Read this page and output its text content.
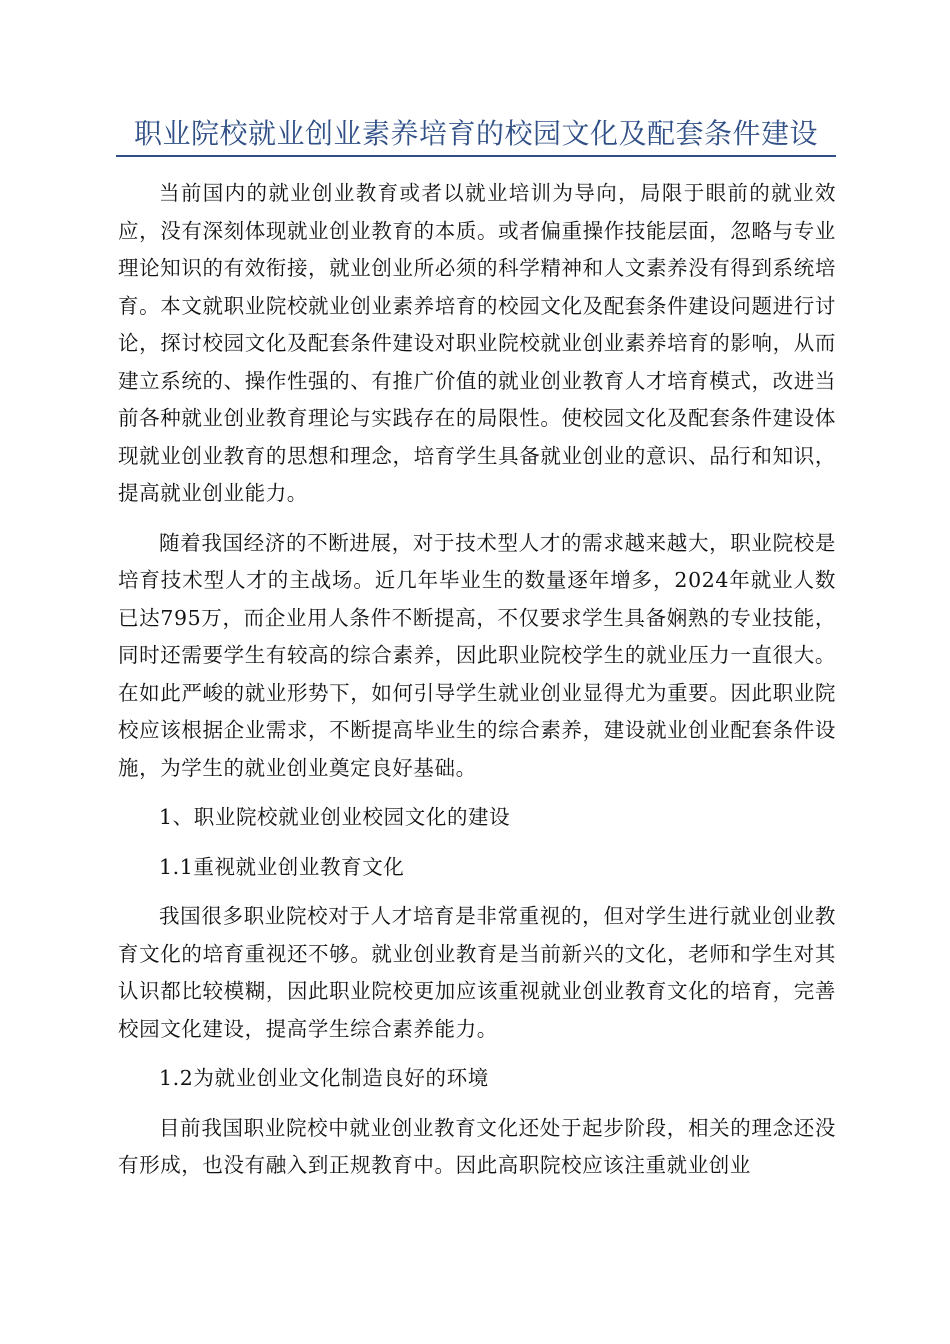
职业院校就业创业素养培育的校园文化及配套条件建设

当前国内的就业创业教育或者以就业培训为导向，局限于眼前的就业效应，没有深刻体现就业创业教育的本质。或者偏重操作技能层面，忽略与专业理论知识的有效衔接，就业创业所必须的科学精神和人文素养没有得到系统培育。本文就职业院校就业创业素养培育的校园文化及配套条件建设问题进行讨论，探讨校园文化及配套条件建设对职业院校就业创业素养培育的影响，从而建立系统的、操作性强的、有推广价值的就业创业教育人才培育模式，改进当前各种就业创业教育理论与实践存在的局限性。使校园文化及配套条件建设体现就业创业教育的思想和理念，培育学生具备就业创业的意识、品行和知识，提高就业创业能力。

随着我国经济的不断进展，对于技术型人才的需求越来越大，职业院校是培育技术型人才的主战场。近几年毕业生的数量逐年增多，2024年就业人数已达795万，而企业用人条件不断提高，不仅要求学生具备娴熟的专业技能，同时还需要学生有较高的综合素养，因此职业院校学生的就业压力一直很大。在如此严峻的就业形势下，如何引导学生就业创业显得尤为重要。因此职业院校应该根据企业需求，不断提高毕业生的综合素养，建设就业创业配套条件设施，为学生的就业创业奠定良好基础。

1、职业院校就业创业校园文化的建设

1.1重视就业创业教育文化

我国很多职业院校对于人才培育是非常重视的，但对学生进行就业创业教育文化的培育重视还不够。就业创业教育是当前新兴的文化，老师和学生对其认识都比较模糊，因此职业院校更加应该重视就业创业教育文化的培育，完善校园文化建设，提高学生综合素养能力。

1.2为就业创业文化制造良好的环境

目前我国职业院校中就业创业教育文化还处于起步阶段，相关的理念还没有形成，也没有融入到正规教育中。因此高职院校应该注重就业创业
